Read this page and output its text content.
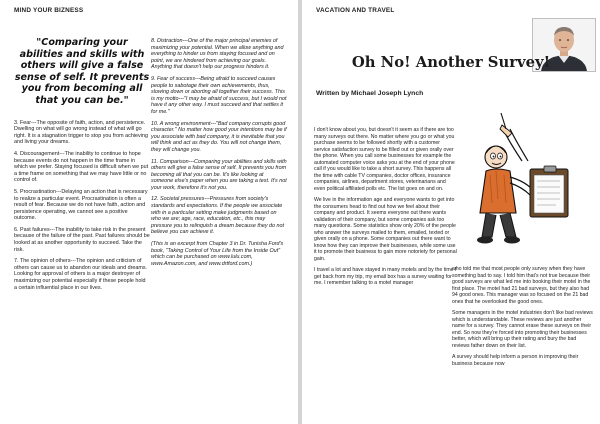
MIND YOUR BIZNESS
"Comparing your abilities and skills with others will give a false sense of self. It prevents you from becoming all that you can be."

3. Fear---The opposite of faith, action, and persistence. Dwelling on what will go wrong instead of what will go right. It is a stagnation trigger to stop you from achieving and living your dreams.

4. Discouragement---The inability to continue to hope because events do not happen in the time frame in which we prefer. Staying focused is difficult when we put a time frame on something that we may have little or no control of.

5. Procrastination---Delaying an action that is necessary to realize a particular event. Procrastination is often a result of fear. Because we do not have faith, action and persistence operating, we cannot see a positive outcome.

6. Past failures---The inability to take risk in the present because of the failure of the past. Past failures should be looked at as another opportunity to succeed. Take the risk.

7. The opinion of others---The opinion and criticism of others can cause us to abandon our ideals and dreams. Looking for approval of others is a major destroyer of maximizing our potential especially if these people hold a certain influential place in our lives.

8. Distraction---One of the major principal enemies of maximizing your potential. When we allow anything and everything to hinder us from staying focused and on point, we are hindered from achieving our goals. Anything that doesn't help our progress hinders it.

9. Fear of success---Being afraid to succeed causes people to sabotage their own achievements, thus, slowing down or aborting all together their success. This is my motto---"I may be afraid of success, but I would not have it any other way. I must succeed and that settles it for me."

10. A wrong environment---"Bad company corrupts good character." No matter how good your intentions may be if you associate with bad company, it is inevitable that you will think and act as they do. You will not change them, they will change you.

11. Comparison---Comparing your abilities and skills with others will give a false sense of self. It prevents you from becoming all that you can be. It's like looking at someone else's paper when you are taking a test. It's not your work, therefore it's not you.

12. Societal pressures---Pressures from society's standards and expectations. If the people we associate with in a particular setting make judgments based on who we are; age, race, education, etc., this may pressure you to relinquish a dream because they do not believe you can achieve it.

(This is an excerpt from Chapter 3 in Dr. Tunisha Ford's book, "Taking Control of Your Life from the Inside Out" which can be purchased on www.lulu.com, www.Amazon.com, and www.drtford.com.)

VACATION AND TRAVEL
Oh No! Another Survey!
Written by Michael Joseph Lynch

I don't know about you, but doesn't it seem as if there are too many surveys out there. No matter where you go or what you purchase seems to be followed shortly with a customer service satisfaction survey to be filled out or given orally over the phone. When you call some businesses for example the automated computer voice asks you at the end of your phone call if you would like to take a short survey. This happens all the time with cable TV companies, doctor offices, insurance companies, airlines, department stores, veterinarians and even political affiliated polls etc. The list goes on and on.

We live in the information age and everyone wants to get into the consumers head to find out how we feel about their company and product. It seems everyone out there wants validation of their company, but some companies ask too many questions. Some statistics show only 20% of the people who answer the surveys mailed to them, emailed, texted or given orally on a phone. Some companies out there want to know how they can improve their businesses, while some use it to promote their business to gain more notoriety for personal gain.

I travel a lot and have stayed in many motels and by the time I get back from my trip, my email box has a survey waiting for me. I remember talking to a motel manager

who told me that most people only survey when they have something bad to say. I told him that's not true because their good surveys are what led me into booking their motel in the first place. The motel had 21 bad surveys, but they also had 94 good ones. This manager was so focused on the 21 bad ones that he overlooked the good ones.

Some managers in the motel industries don't like bad reviews which is understandable. These reviews are just another name for a survey. They cannot erase these surveys on their end. So now they're forced into promoting their businesses better, which will bring up their rating and bury the bad reviews father down on their list.

A survey should help inform a person in improving their business because now
